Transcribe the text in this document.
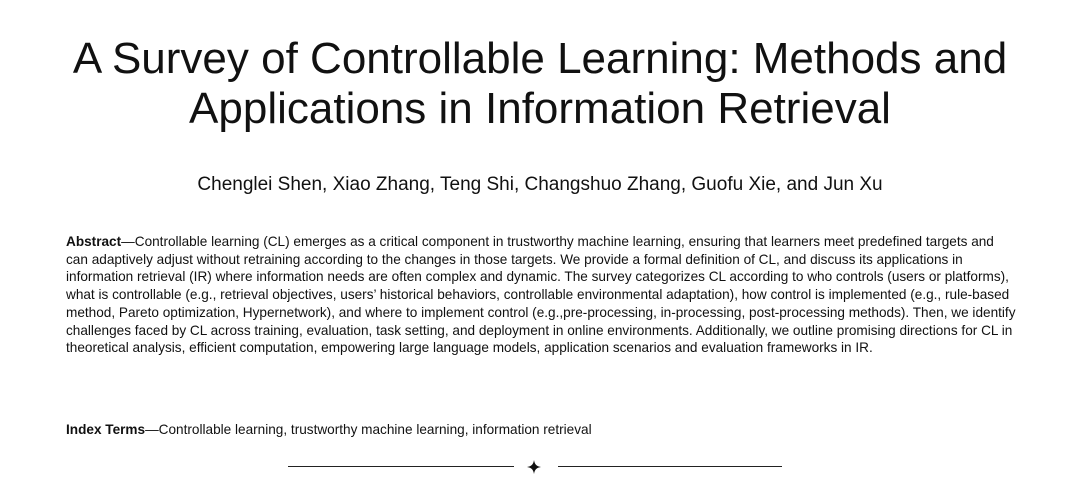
A Survey of Controllable Learning: Methods and
Applications in Information Retrieval
Chenglei Shen, Xiao Zhang, Teng Shi, Changshuo Zhang, Guofu Xie, and Jun Xu

Abstract—Controllable learning (CL) emerges as a critical component in trustworthy machine learning, ensuring that learners meet predefined targets and can adaptively adjust without retraining according to the changes in those targets. We provide a formal definition of CL, and discuss its applications in information retrieval (IR) where information needs are often complex and dynamic. The survey categorizes CL according to who controls (users or platforms), what is controllable (e.g., retrieval objectives, users’ historical behaviors, controllable environmental adaptation), how control is implemented (e.g., rule-based method, Pareto optimization, Hypernetwork), and where to implement control (e.g.,pre-processing, in-processing, post-processing methods). Then, we identify challenges faced by CL across training, evaluation, task setting, and deployment in online environments. Additionally, we outline promising directions for CL in theoretical analysis, efficient computation, empowering large language models, application scenarios and evaluation frameworks in IR.

Index Terms—Controllable learning, trustworthy machine learning, information retrieval
